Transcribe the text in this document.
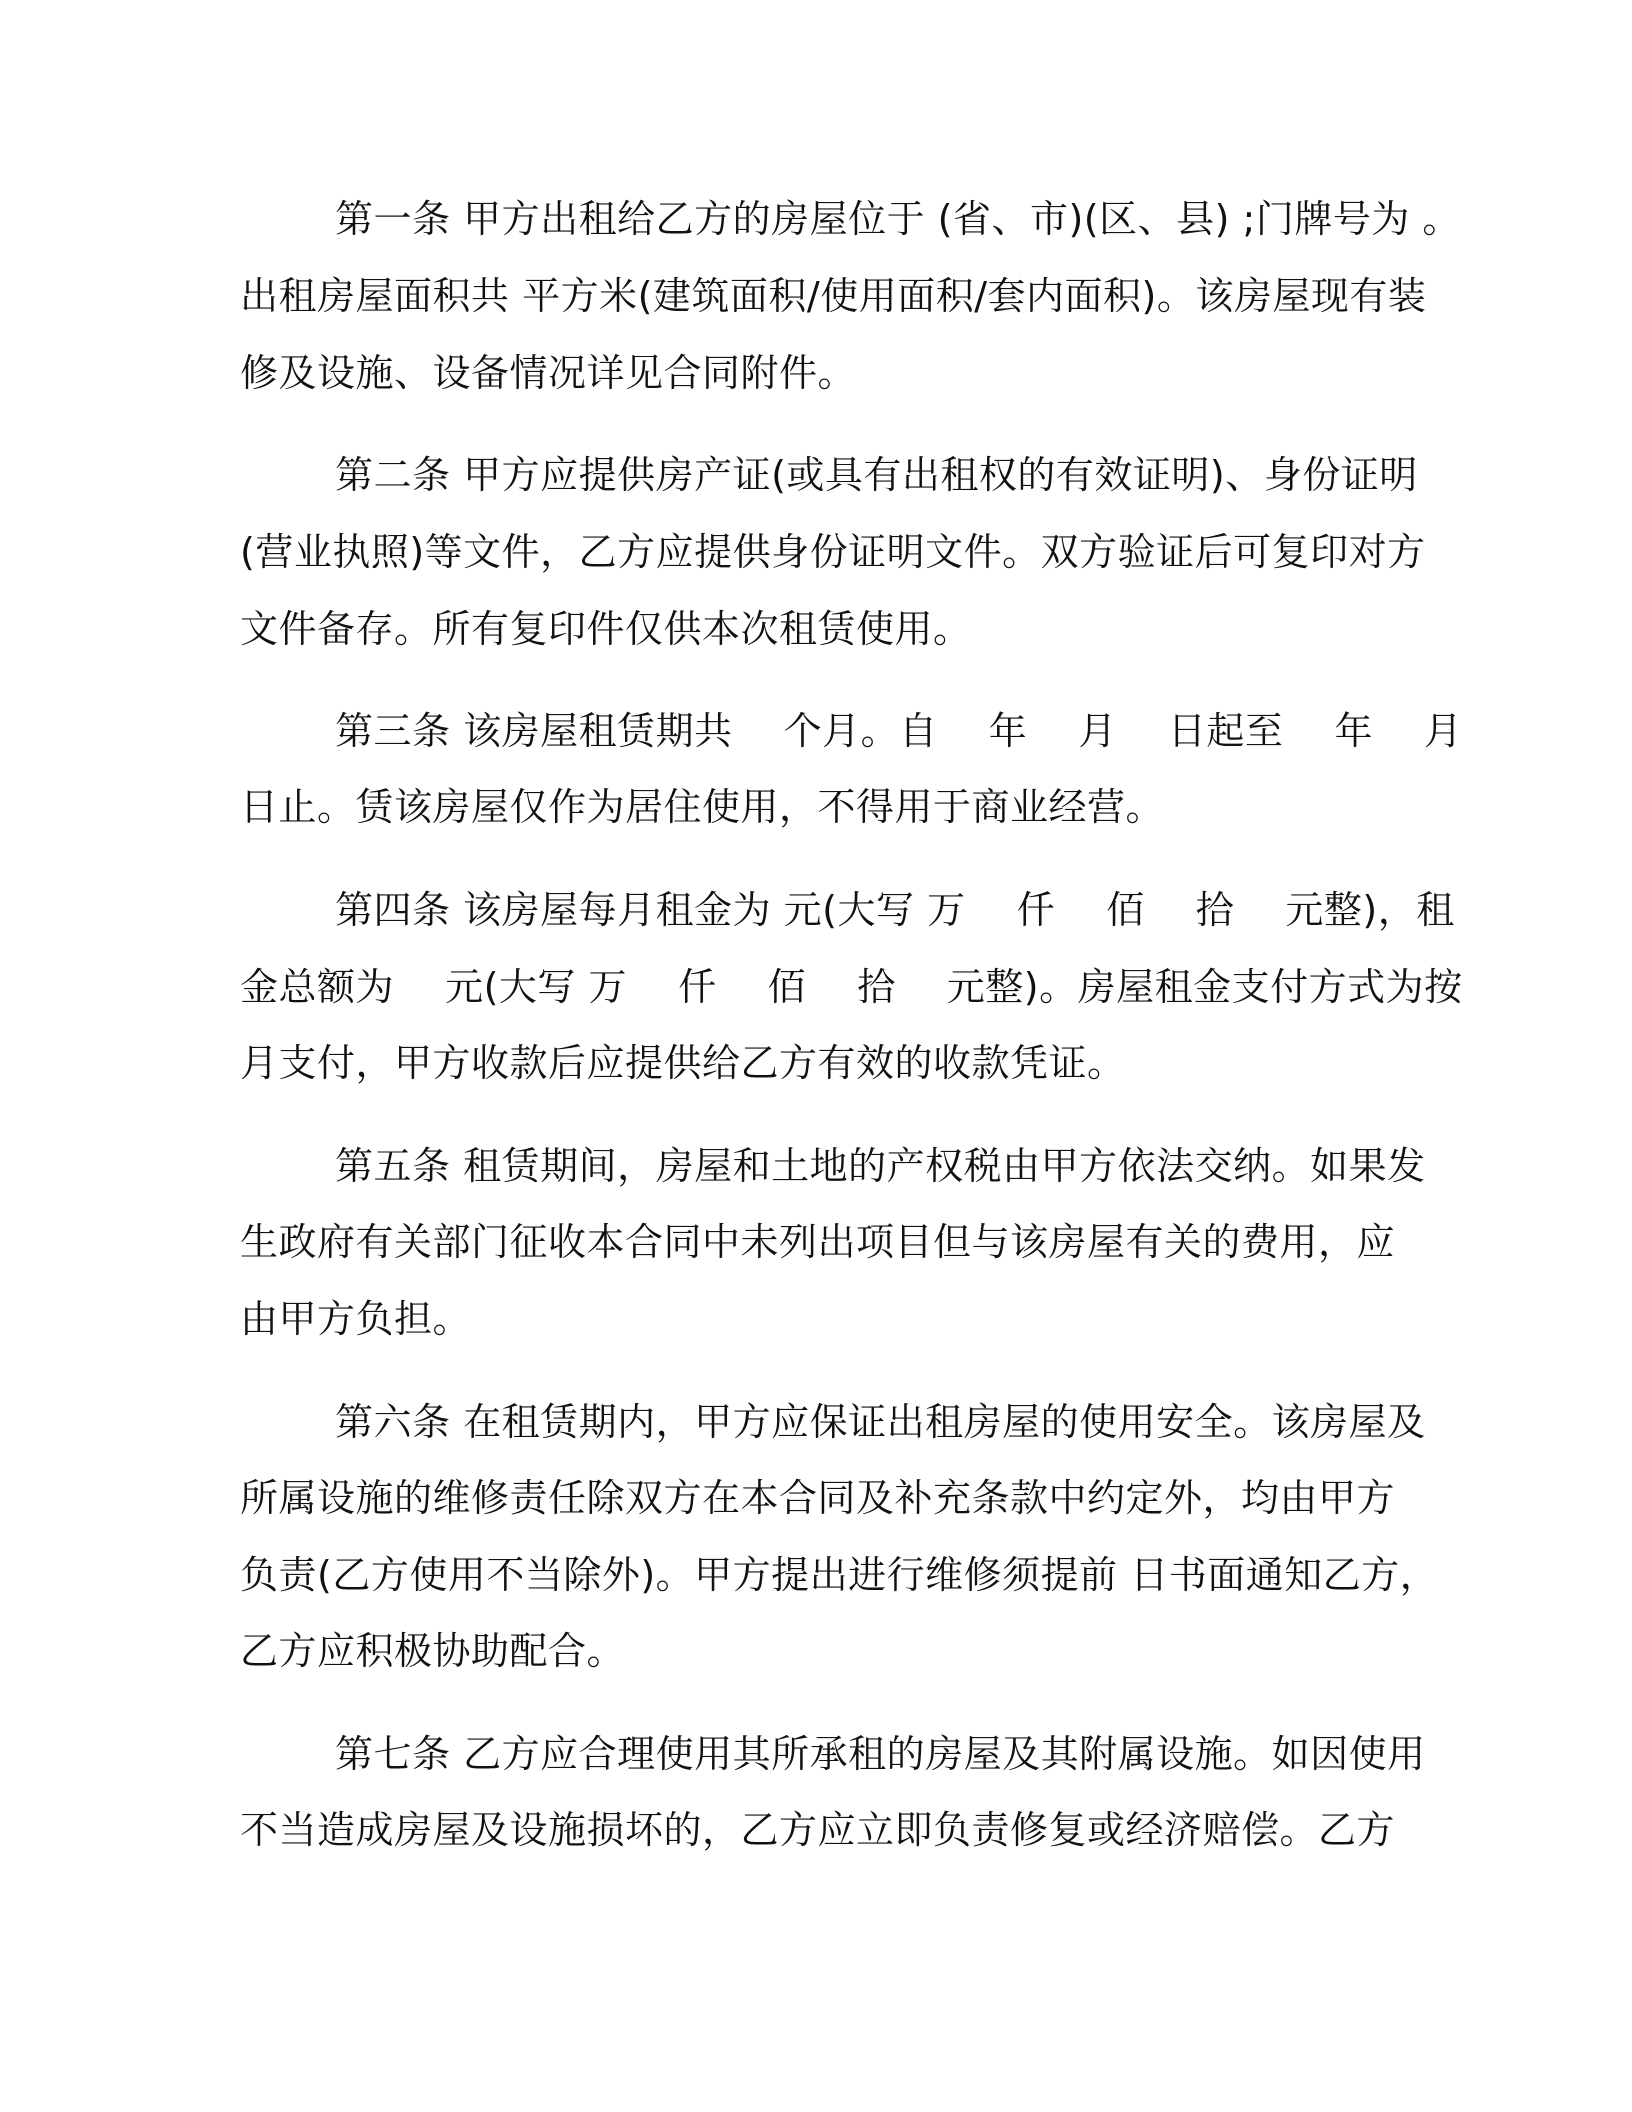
第一条 甲方出租给乙方的房屋位于 (省、市)(区、县) ;门牌号为 。
出租房屋面积共 平方米(建筑面积/使用面积/套内面积)。该房屋现有装
修及设施、设备情况详见合同附件。
第二条 甲方应提供房产证(或具有出租权的有效证明)、身份证明
(营业执照)等文件，乙方应提供身份证明文件。双方验证后可复印对方
文件备存。所有复印件仅供本次租赁使用。
第三条 该房屋租赁期共　 个月。自　 年　 月　 日起至　 年　 月
日止。赁该房屋仅作为居住使用，不得用于商业经营。
第四条 该房屋每月租金为 元(大写 万　 仟　 佰　 拾　 元整)，租
金总额为　 元(大写 万　 仟　 佰　 拾　 元整)。房屋租金支付方式为按
月支付，甲方收款后应提供给乙方有效的收款凭证。
第五条 租赁期间，房屋和土地的产权税由甲方依法交纳。如果发
生政府有关部门征收本合同中未列出项目但与该房屋有关的费用，应
由甲方负担。
第六条 在租赁期内，甲方应保证出租房屋的使用安全。该房屋及
所属设施的维修责任除双方在本合同及补充条款中约定外，均由甲方
负责(乙方使用不当除外)。甲方提出进行维修须提前 日书面通知乙方，
乙方应积极协助配合。
第七条 乙方应合理使用其所承租的房屋及其附属设施。如因使用
不当造成房屋及设施损坏的，乙方应立即负责修复或经济赔偿。乙方
